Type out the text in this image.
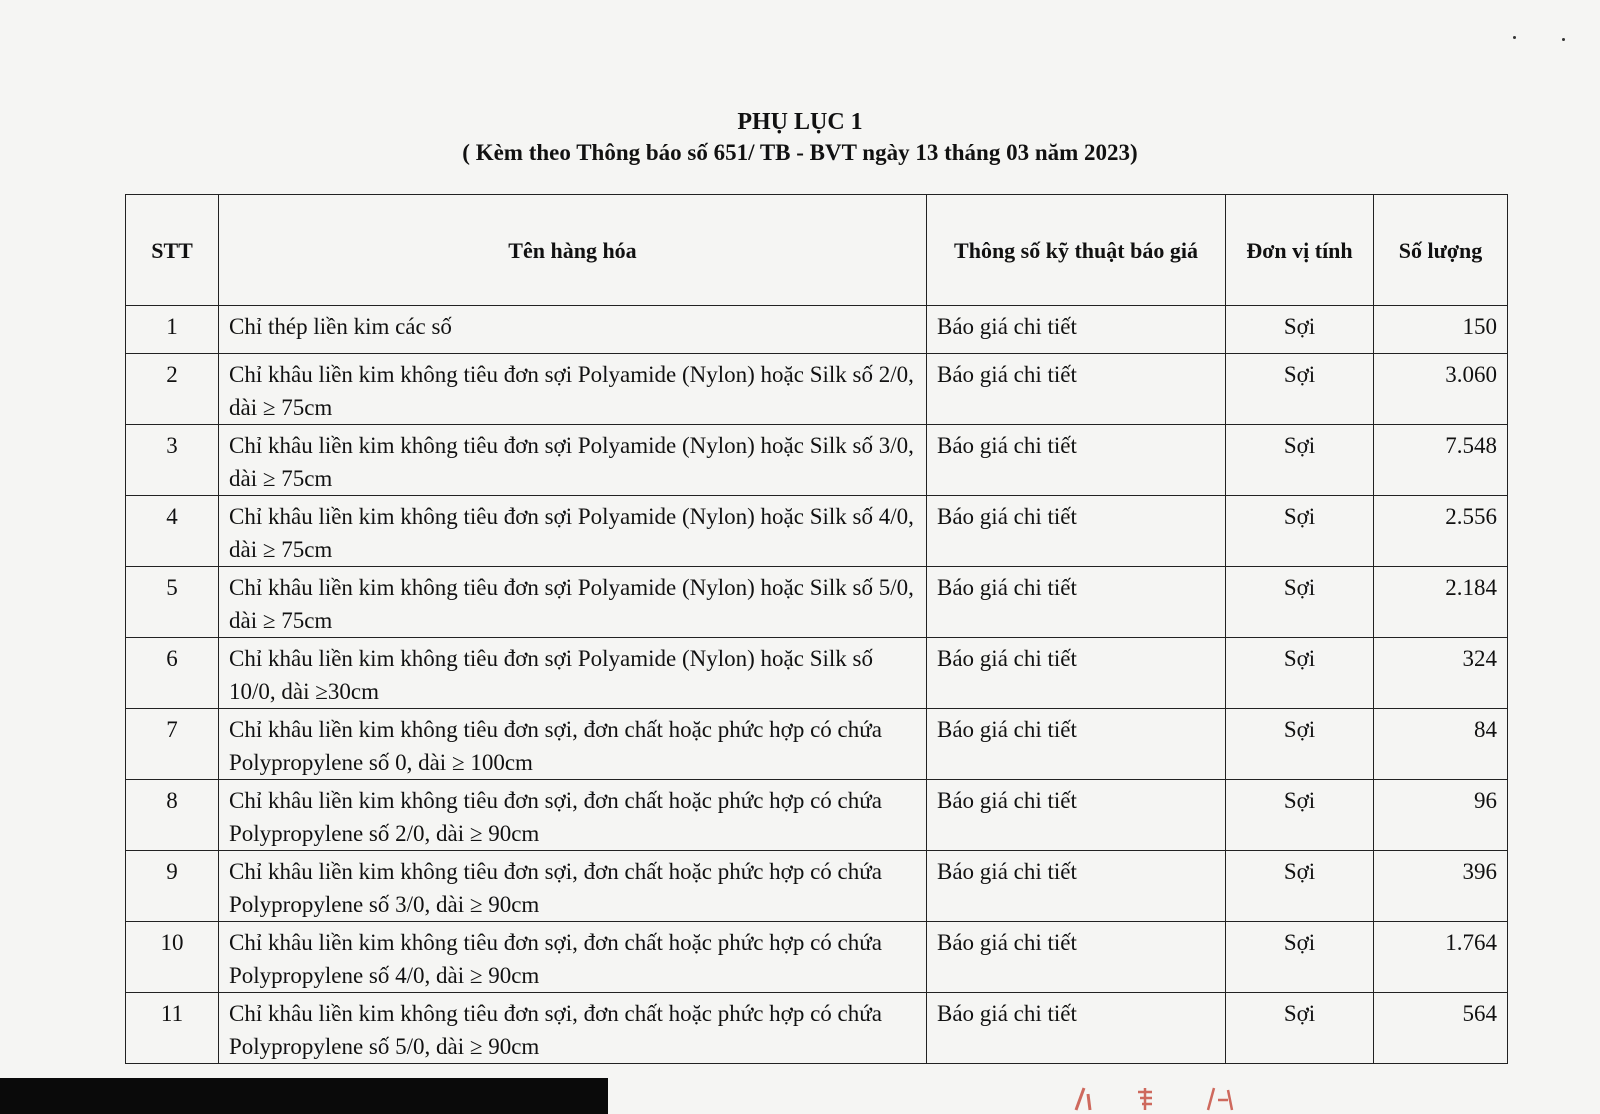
PHỤ LỤC 1
( Kèm theo Thông báo số 651/ TB - BVT ngày 13 tháng 03 năm 2023)
STT	Tên hàng hóa	Thông số kỹ thuật báo giá	Đơn vị tính	Số lượng
1	Chỉ thép liền kim các số	Báo giá chi tiết	Sợi	150
2	Chỉ khâu liền kim không tiêu đơn sợi Polyamide (Nylon) hoặc Silk số 2/0, dài ≥ 75cm	Báo giá chi tiết	Sợi	3.060
3	Chỉ khâu liền kim không tiêu đơn sợi Polyamide (Nylon) hoặc Silk số 3/0, dài ≥ 75cm	Báo giá chi tiết	Sợi	7.548
4	Chỉ khâu liền kim không tiêu đơn sợi Polyamide (Nylon) hoặc Silk số 4/0, dài ≥ 75cm	Báo giá chi tiết	Sợi	2.556
5	Chỉ khâu liền kim không tiêu đơn sợi Polyamide (Nylon) hoặc Silk số 5/0, dài ≥ 75cm	Báo giá chi tiết	Sợi	2.184
6	Chỉ khâu liền kim không tiêu đơn sợi Polyamide (Nylon) hoặc Silk số 10/0, dài ≥30cm	Báo giá chi tiết	Sợi	324
7	Chỉ khâu liền kim không tiêu đơn sợi, đơn chất hoặc phức hợp có chứa Polypropylene số 0, dài ≥ 100cm	Báo giá chi tiết	Sợi	84
8	Chỉ khâu liền kim không tiêu đơn sợi, đơn chất hoặc phức hợp có chứa Polypropylene số 2/0, dài ≥ 90cm	Báo giá chi tiết	Sợi	96
9	Chỉ khâu liền kim không tiêu đơn sợi, đơn chất hoặc phức hợp có chứa Polypropylene số 3/0, dài ≥ 90cm	Báo giá chi tiết	Sợi	396
10	Chỉ khâu liền kim không tiêu đơn sợi, đơn chất hoặc phức hợp có chứa Polypropylene số 4/0, dài ≥ 90cm	Báo giá chi tiết	Sợi	1.764
11	Chỉ khâu liền kim không tiêu đơn sợi, đơn chất hoặc phức hợp có chứa Polypropylene số 5/0, dài ≥ 90cm	Báo giá chi tiết	Sợi	564
